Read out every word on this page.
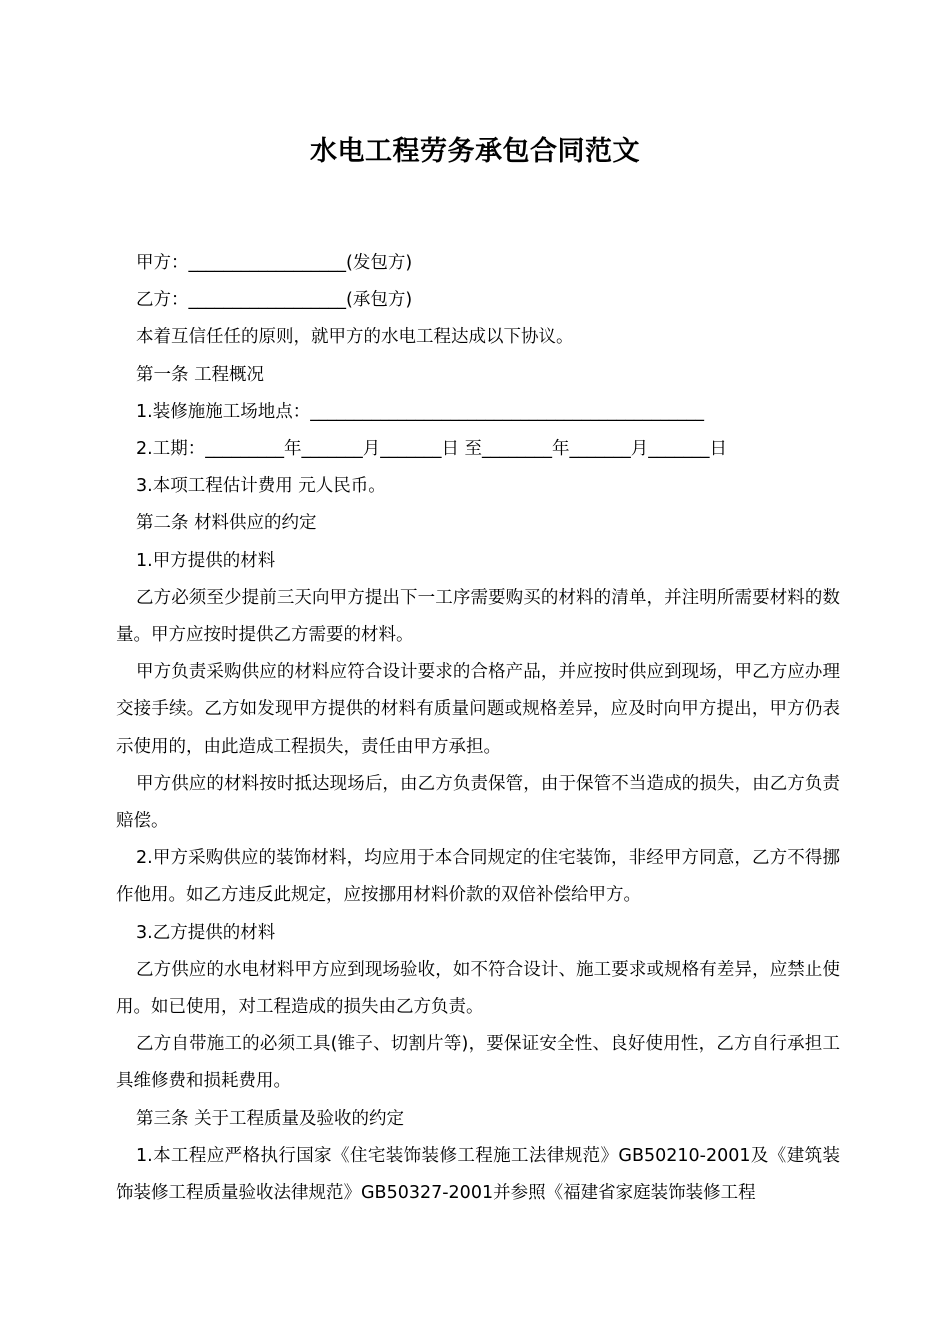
水电工程劳务承包合同范文
甲方：__________________(发包方)
乙方：__________________(承包方)
本着互信任任的原则，就甲方的水电工程达成以下协议。
第一条 工程概况
1.装修施施工场地点：_____________________________________________
2.工期：_________年_______月_______日 至________年_______月_______日
3.本项工程估计费用 元人民币。
第二条 材料供应的约定
1.甲方提供的材料
乙方必须至少提前三天向甲方提出下一工序需要购买的材料的清单，并注明所需要材料的数量。甲方应按时提供乙方需要的材料。
甲方负责采购供应的材料应符合设计要求的合格产品，并应按时供应到现场，甲乙方应办理交接手续。乙方如发现甲方提供的材料有质量问题或规格差异，应及时向甲方提出，甲方仍表示使用的，由此造成工程损失，责任由甲方承担。
甲方供应的材料按时抵达现场后，由乙方负责保管，由于保管不当造成的损失，由乙方负责赔偿。
2.甲方采购供应的装饰材料，均应用于本合同规定的住宅装饰，非经甲方同意，乙方不得挪作他用。如乙方违反此规定，应按挪用材料价款的双倍补偿给甲方。
3.乙方提供的材料
乙方供应的水电材料甲方应到现场验收，如不符合设计、施工要求或规格有差异，应禁止使用。如已使用，对工程造成的损失由乙方负责。
乙方自带施工的必须工具(锥子、切割片等)，要保证安全性、良好使用性，乙方自行承担工具维修费和损耗费用。
第三条 关于工程质量及验收的约定
1.本工程应严格执行国家《住宅装饰装修工程施工法律规范》GB50210-2001及《建筑装饰装修工程质量验收法律规范》GB50327-2001并参照《福建省家庭装饰装修工程
